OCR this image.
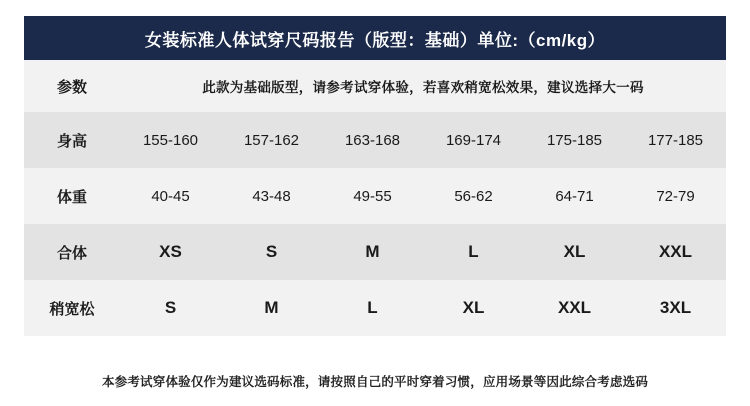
女装标准人体试穿尺码报告（版型：基础）单位:（cm/kg）
参数	此款为基础版型，请参考试穿体验，若喜欢稍宽松效果，建议选择大一码
身高	155-160	157-162	163-168	169-174	175-185	177-185
体重	40-45	43-48	49-55	56-62	64-71	72-79
合体	XS	S	M	L	XL	XXL
稍宽松	S	M	L	XL	XXL	3XL
本参考试穿体验仅作为建议选码标准，请按照自己的平时穿着习惯，应用场景等因此综合考虑选码
